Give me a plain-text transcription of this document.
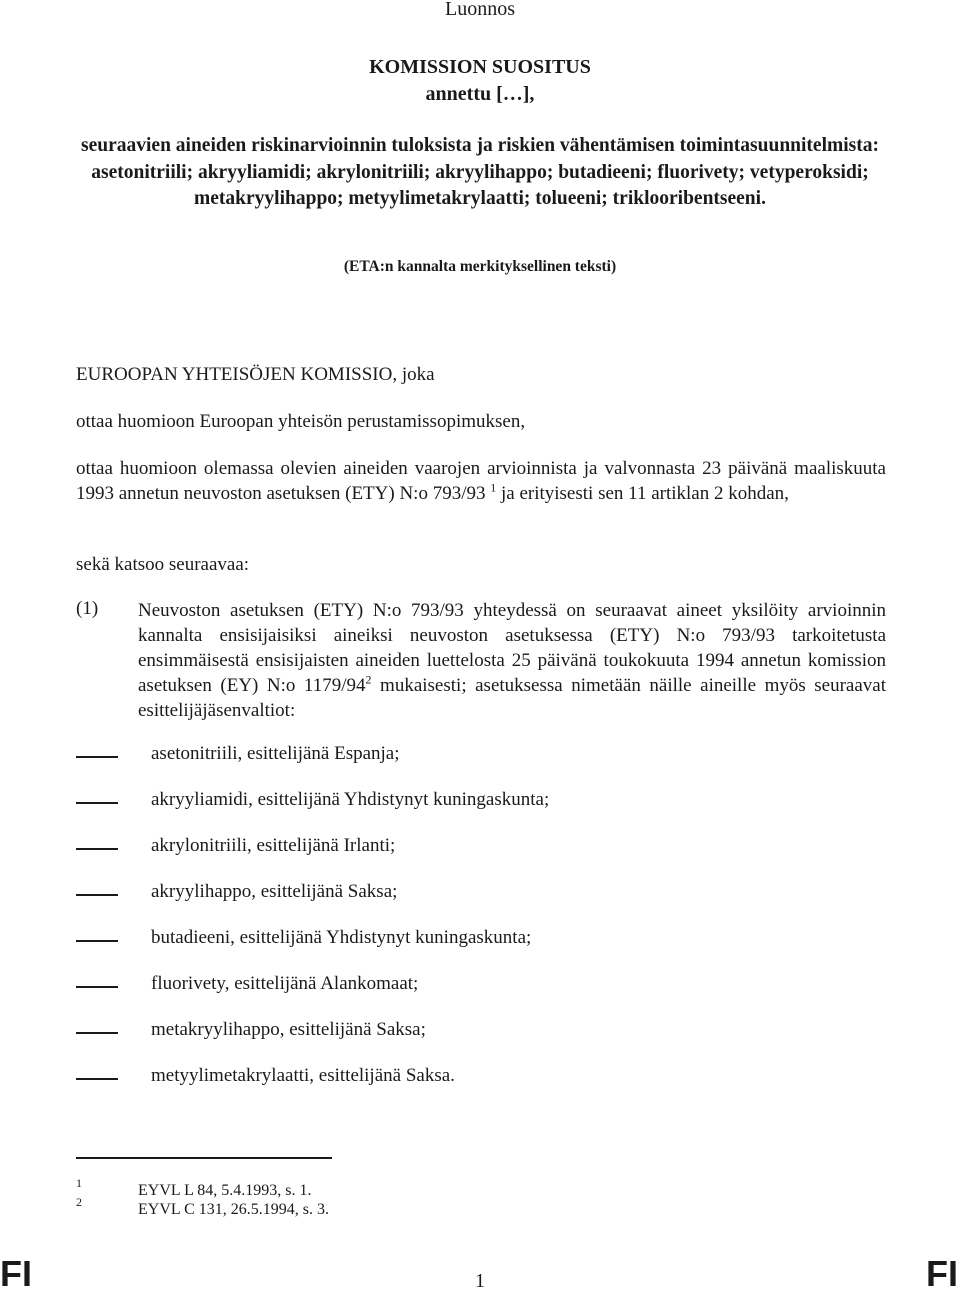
Luonnos
KOMISSION SUOSITUS
annettu […],
seuraavien aineiden riskinarvioinnin tuloksista ja riskien vähentämisen toimintasuunnitelmista: asetonitriili; akryyliamidi; akrylonitriili; akryylihappo; butadieeni; fluorivety; vetyperoksidi; metakryylihappo; metyylimetakrylaatti; tolueeni; triklooribentseeni.
(ETA:n kannalta merkityksellinen teksti)
EUROOPAN YHTEISÖJEN KOMISSIO, joka
ottaa huomioon Euroopan yhteisön perustamissopimuksen,
ottaa huomioon olemassa olevien aineiden vaarojen arvioinnista ja valvonnasta 23 päivänä maaliskuuta 1993 annetun neuvoston asetuksen (ETY) N:o 793/93 $^1$ ja erityisesti sen 11 artiklan 2 kohdan,
sekä katsoo seuraavaa:
(1) Neuvoston asetuksen (ETY) N:o 793/93 yhteydessä on seuraavat aineet yksilöity arvioinnin kannalta ensisijaisiksi aineiksi neuvoston asetuksessa (ETY) N:o 793/93 tarkoitetusta ensimmäisestä ensisijaisten aineiden luettelosta 25 päivänä toukokuuta 1994 annetun komission asetuksen (EY) N:o $1179/94^2$ mukaisesti; asetuksessa nimetään näille aineille myös seuraavat esittelijäjäsenvaltiot:
asetonitriili, esittelijänä Espanja;
akryyliamidi, esittelijänä Yhdistynyt kuningaskunta;
akrylonitriili, esittelijänä Irlanti;
akryylihappo, esittelijänä Saksa;
butadieeni, esittelijänä Yhdistynyt kuningaskunta;
fluorivety, esittelijänä Alankomaat;
metakryylihappo, esittelijänä Saksa;
metyylimetakrylaatti, esittelijänä Saksa.
1	EYVL L 84, 5.4.1993, s. 1.
2	EYVL C 131, 26.5.1994, s. 3.
FI	1	FI
